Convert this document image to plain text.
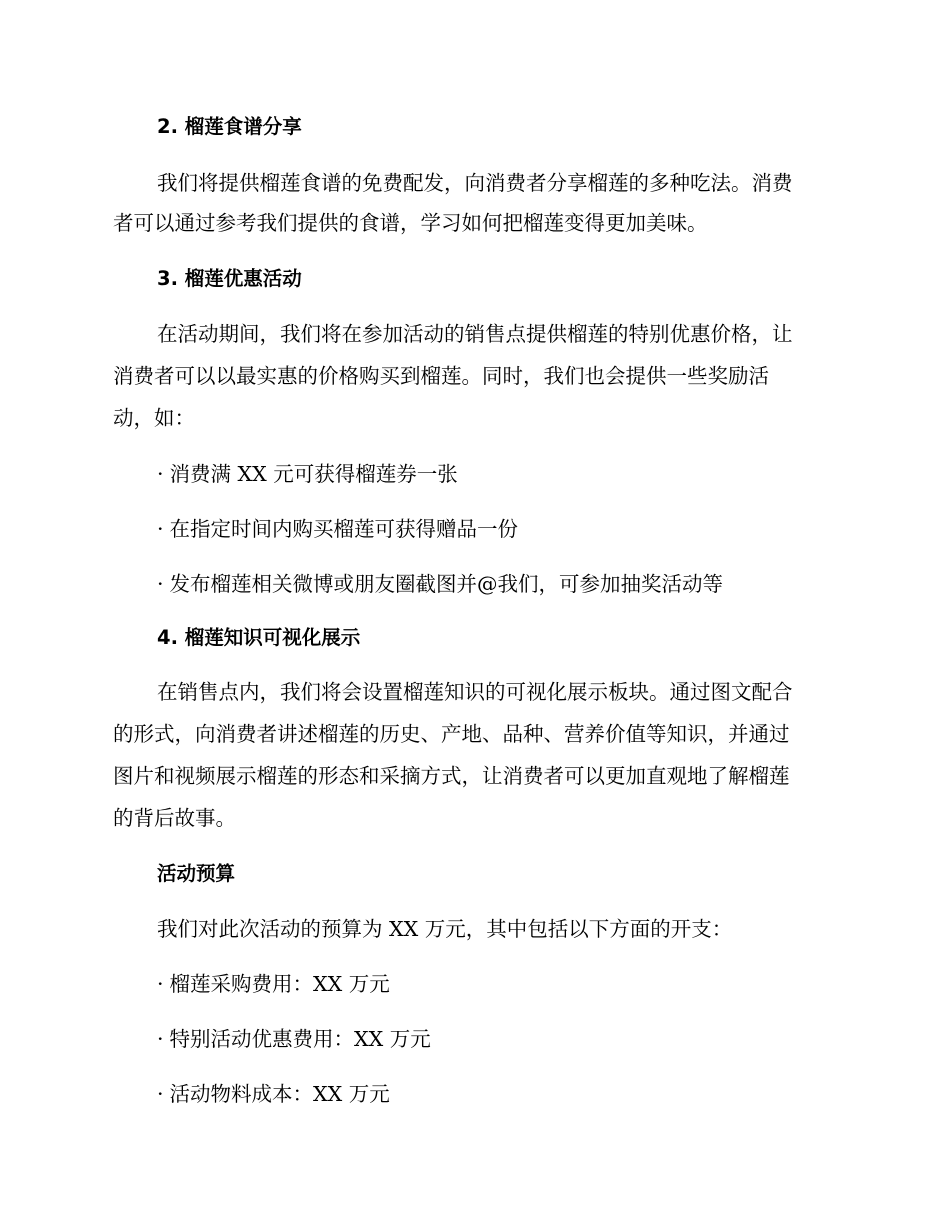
2. 榴莲食谱分享
我们将提供榴莲食谱的免费配发，向消费者分享榴莲的多种吃法。消费
者可以通过参考我们提供的食谱，学习如何把榴莲变得更加美味。
3. 榴莲优惠活动
在活动期间，我们将在参加活动的销售点提供榴莲的特别优惠价格，让
消费者可以以最实惠的价格购买到榴莲。同时，我们也会提供一些奖励活
动，如：
· 消费满 XX 元可获得榴莲券一张
· 在指定时间内购买榴莲可获得赠品一份
· 发布榴莲相关微博或朋友圈截图并@我们，可参加抽奖活动等
4. 榴莲知识可视化展示
在销售点内，我们将会设置榴莲知识的可视化展示板块。通过图文配合
的形式，向消费者讲述榴莲的历史、产地、品种、营养价值等知识，并通过
图片和视频展示榴莲的形态和采摘方式，让消费者可以更加直观地了解榴莲
的背后故事。
活动预算
我们对此次活动的预算为 XX 万元，其中包括以下方面的开支：
· 榴莲采购费用：XX 万元
· 特别活动优惠费用：XX 万元
· 活动物料成本：XX 万元
